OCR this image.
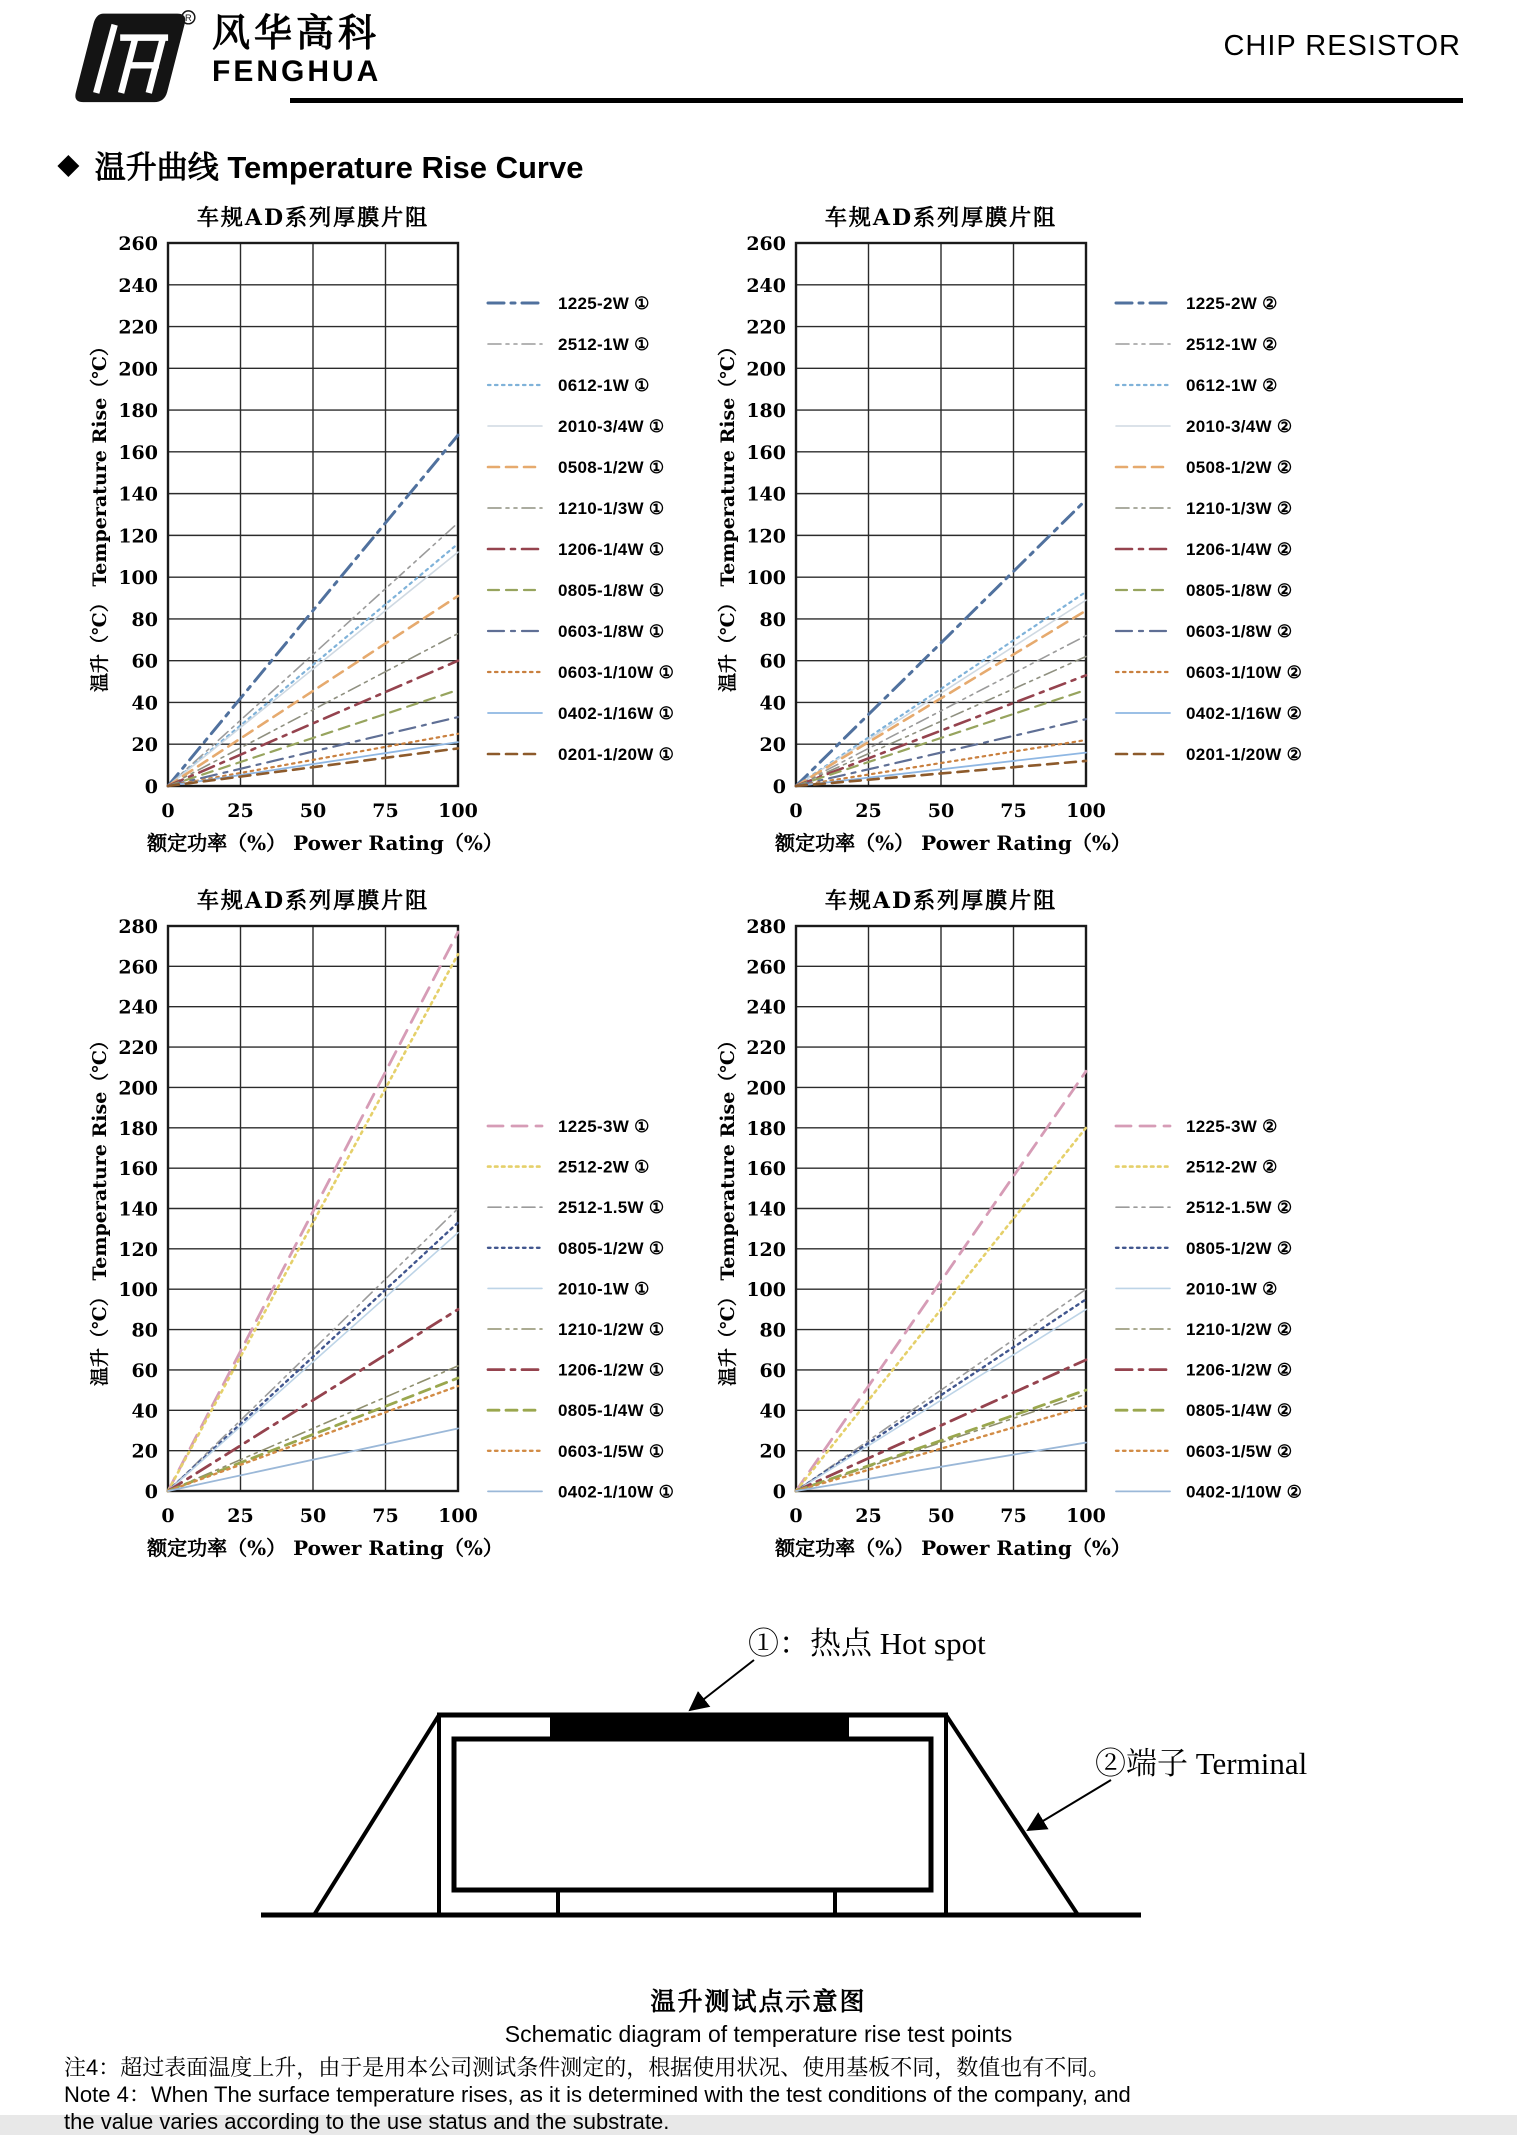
R 风华高科
FENGHUA
CHIP RESISTOR
◆ 温升曲线 Temperature Rise Curve
车规AD系列厚膜片阻
0
20
40
60
80
100
120
140
160
180
200
220
240
260
0	25 50 75 100
额定功率（%） Power Rating（%）
温升（℃） Temperature Rise（℃）
1225-2W ①
2512-1W ①
0612-1W ①
2010-3/4W ①
0508-1/2W ①
1210-1/3W ①
1206-1/4W ①
0805-1/8W ①
0603-1/8W ①
0603-1/10W ①
0402-1/16W ①
0201-1/20W ①
车规AD系列厚膜片阻
0
20
40
60
80
100
120
140
160
180
200
220
240
260
0	25 50 75 100
额定功率（%） Power Rating（%）
温升（℃） Temperature Rise（℃）
1225-2W ②
2512-1W ②
0612-1W ②
2010-3/4W ②
0508-1/2W ②
1210-1/3W ②
1206-1/4W ②
0805-1/8W ②
0603-1/8W ②
0603-1/10W ②
0402-1/16W ②
0201-1/20W ②
车规AD系列厚膜片阻
0
20
40
60
80
100
120
140
160
180
200
220
240
260
280
0	25 50 75 100
额定功率（%） Power Rating（%）
温升（℃） Temperature Rise（℃）	1225-3W ①
2512-2W ①
2512-1.5W ①
0805-1/2W ①
2010-1W ①
1210-1/2W ①
1206-1/2W ①
0805-1/4W ①
0603-1/5W ①
0402-1/10W ①
车规AD系列厚膜片阻
0
20
40
60
80
100
120
140
160
180
200
220
240
260
280
0	25 50 75 100
额定功率（%） Power Rating（%）
温升（℃） Temperature Rise（℃）	1225-3W ②
2512-2W ②
2512-1.5W ②
0805-1/2W ②
2010-1W ②
1210-1/2W ②
1206-1/2W ②
0805-1/4W ②
0603-1/5W ②
0402-1/10W ②
①：热点 Hot spot
②端子 Terminal
温升测试点示意图
Schematic diagram of temperature rise test points
注4：超过表面温度上升，由于是用本公司测试条件测定的，根据使用状况、使用基板不同，数值也有不同。
Note 4：When The surface temperature rises, as it is determined with the test conditions of the company, and
the value varies according to the use status and the substrate.
